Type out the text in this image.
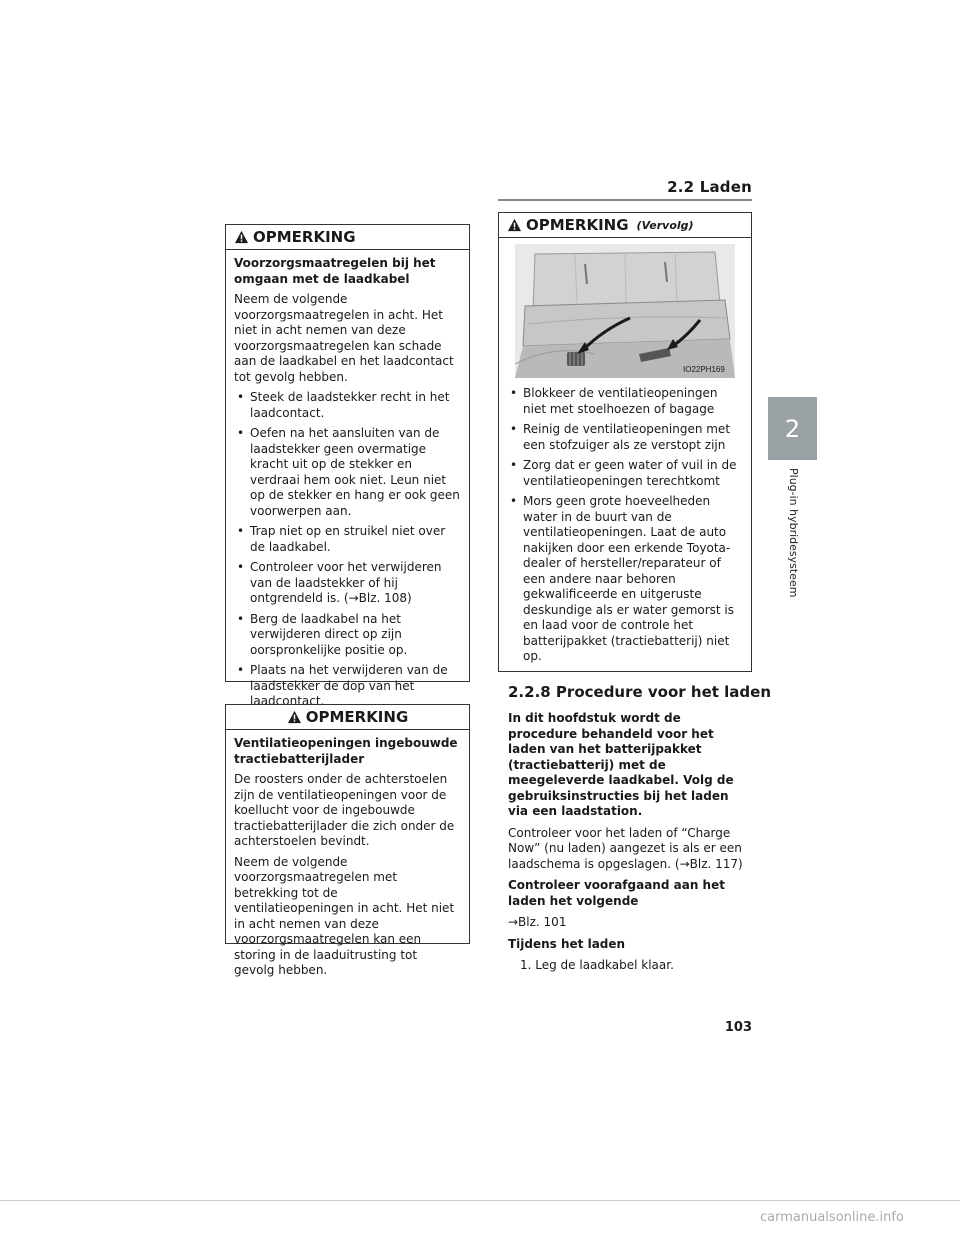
2.2 Laden
2
Plug-in hybridesysteem
OPMERKING
Voorzorgsmaatregelen bij het omgaan met de laadkabel

Neem de volgende voorzorgsmaatregelen in acht. Het niet in acht nemen van deze voorzorgsmaatregelen kan schade aan de laadkabel en het laadcontact tot gevolg hebben.

• Steek de laadstekker recht in het laadcontact.
• Oefen na het aansluiten van de laadstekker geen overmatige kracht uit op de stekker en verdraai hem ook niet. Leun niet op de stekker en hang er ook geen voorwerpen aan.
• Trap niet op en struikel niet over de laadkabel.
• Controleer voor het verwijderen van de laadstekker of hij ontgrendeld is. (→Blz. 108)
• Berg de laadkabel na het verwijderen direct op zijn oorspronkelijke positie op.
• Plaats na het verwijderen van de laadstekker de dop van het laadcontact.
OPMERKING
Ventilatieopeningen ingebouwde tractiebatterijlader

De roosters onder de achterstoelen zijn de ventilatieopeningen voor de koellucht voor de ingebouwde tractiebatterijlader die zich onder de achterstoelen bevindt.

Neem de volgende voorzorgsmaatregelen met betrekking tot de ventilatieopeningen in acht. Het niet in acht nemen van deze voorzorgsmaatregelen kan een storing in de laaduitrusting tot gevolg hebben.

OPMERKING (Vervolg)
IO22PH169
• Blokkeer de ventilatieopeningen niet met stoelhoezen of bagage
• Reinig de ventilatieopeningen met een stofzuiger als ze verstopt zijn
• Zorg dat er geen water of vuil in de ventilatieopeningen terechtkomt
• Mors geen grote hoeveelheden water in de buurt van de ventilatieopeningen. Laat de auto nakijken door een erkende Toyota-dealer of hersteller/reparateur of een andere naar behoren gekwalificeerde en uitgeruste deskundige als er water gemorst is en laad voor de controle het batterijpakket (tractiebatterij) niet op.
2.2.8 Procedure voor het laden

In dit hoofdstuk wordt de procedure behandeld voor het laden van het batterijpakket (tractiebatterij) met de meegeleverde laadkabel. Volg de gebruiksinstructies bij het laden via een laadstation.

Controleer voor het laden of “Charge Now” (nu laden) aangezet is als er een laadschema is opgeslagen. (→Blz. 117)

Controleer voorafgaand aan het laden het volgende

→Blz. 101

Tijdens het laden

1. Leg de laadkabel klaar.

103
carmanualsonline.info
